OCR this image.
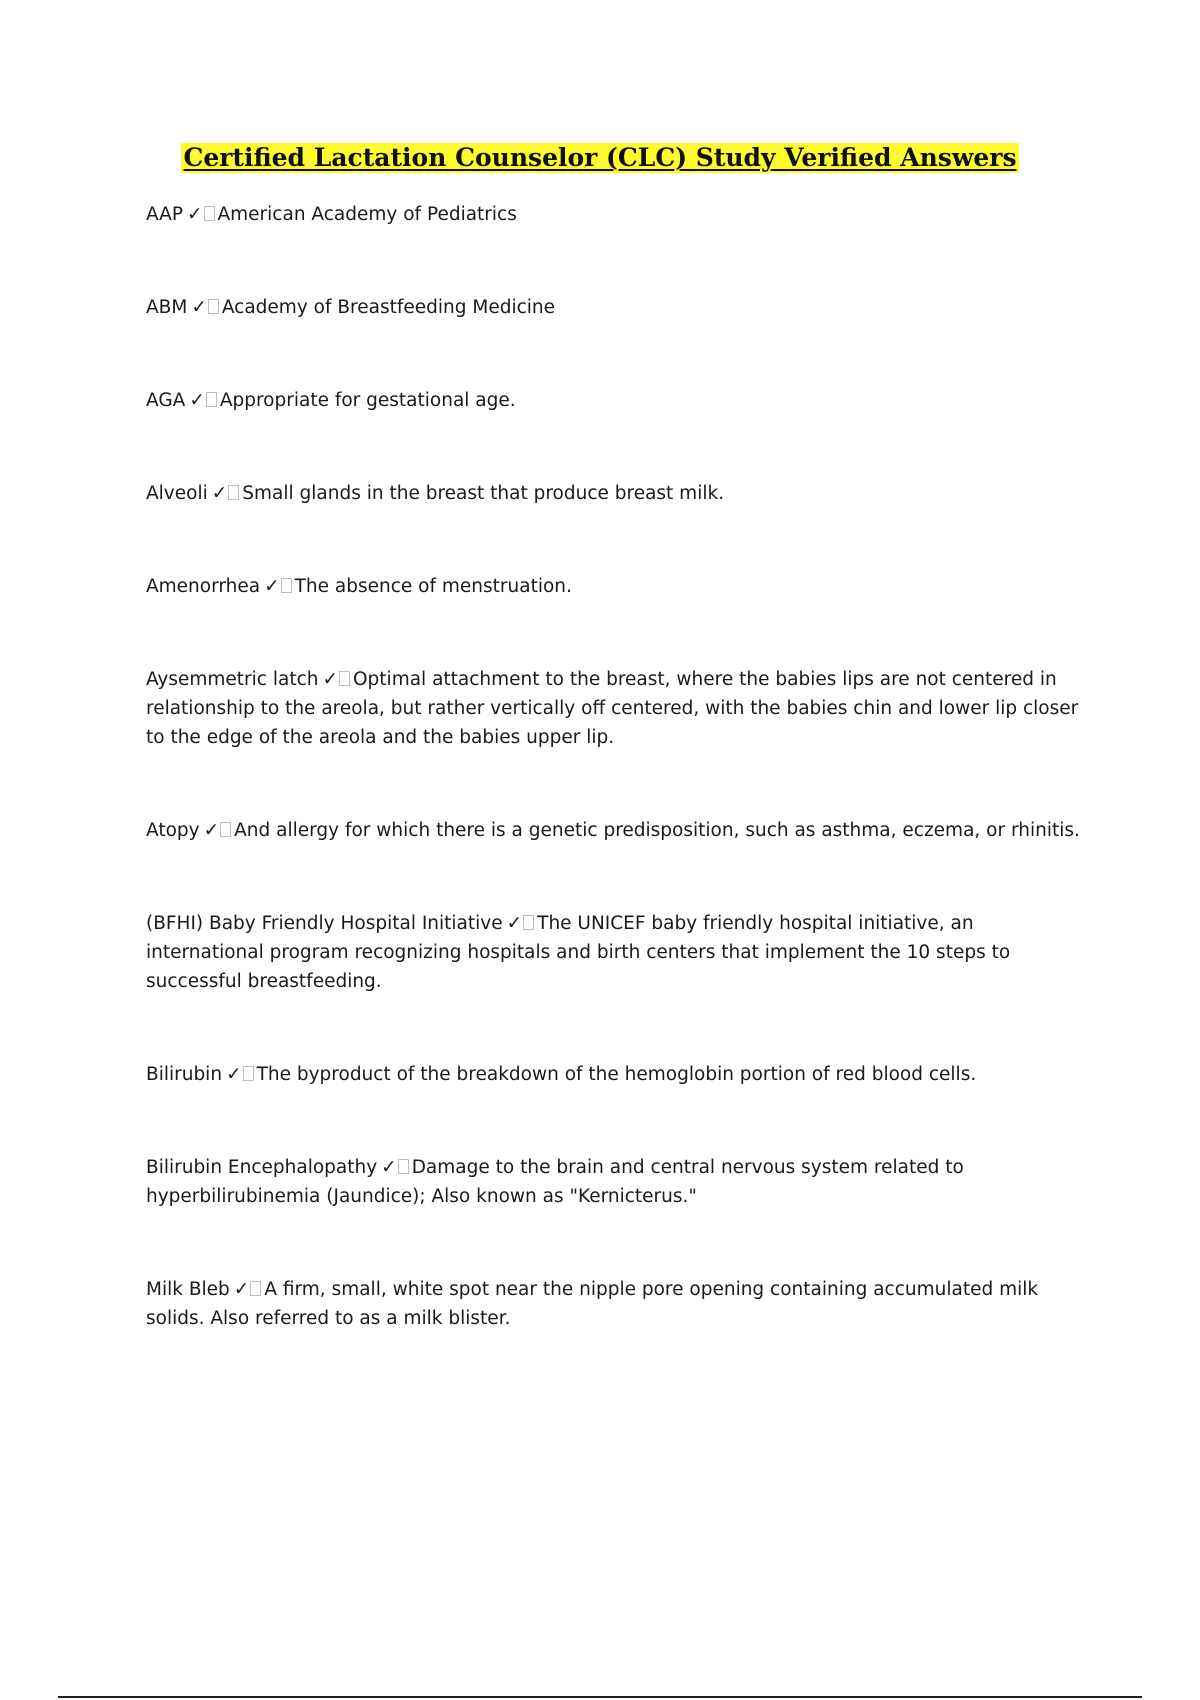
Certified Lactation Counselor (CLC) Study Verified Answers
AAP ✓ American Academy of Pediatrics
ABM ✓ Academy of Breastfeeding Medicine
AGA ✓ Appropriate for gestational age.
Alveoli ✓ Small glands in the breast that produce breast milk.
Amenorrhea ✓ The absence of menstruation.
Aysemmetric latch ✓ Optimal attachment to the breast, where the babies lips are not centered in relationship to the areola, but rather vertically off centered, with the babies chin and lower lip closer to the edge of the areola and the babies upper lip.
Atopy ✓ And allergy for which there is a genetic predisposition, such as asthma, eczema, or rhinitis.
(BFHI) Baby Friendly Hospital Initiative ✓ The UNICEF baby friendly hospital initiative, an international program recognizing hospitals and birth centers that implement the 10 steps to successful breastfeeding.
Bilirubin ✓ The byproduct of the breakdown of the hemoglobin portion of red blood cells.
Bilirubin Encephalopathy ✓ Damage to the brain and central nervous system related to hyperbilirubinemia (Jaundice); Also known as "Kernicterus."
Milk Bleb ✓ A firm, small, white spot near the nipple pore opening containing accumulated milk solids. Also referred to as a milk blister.
